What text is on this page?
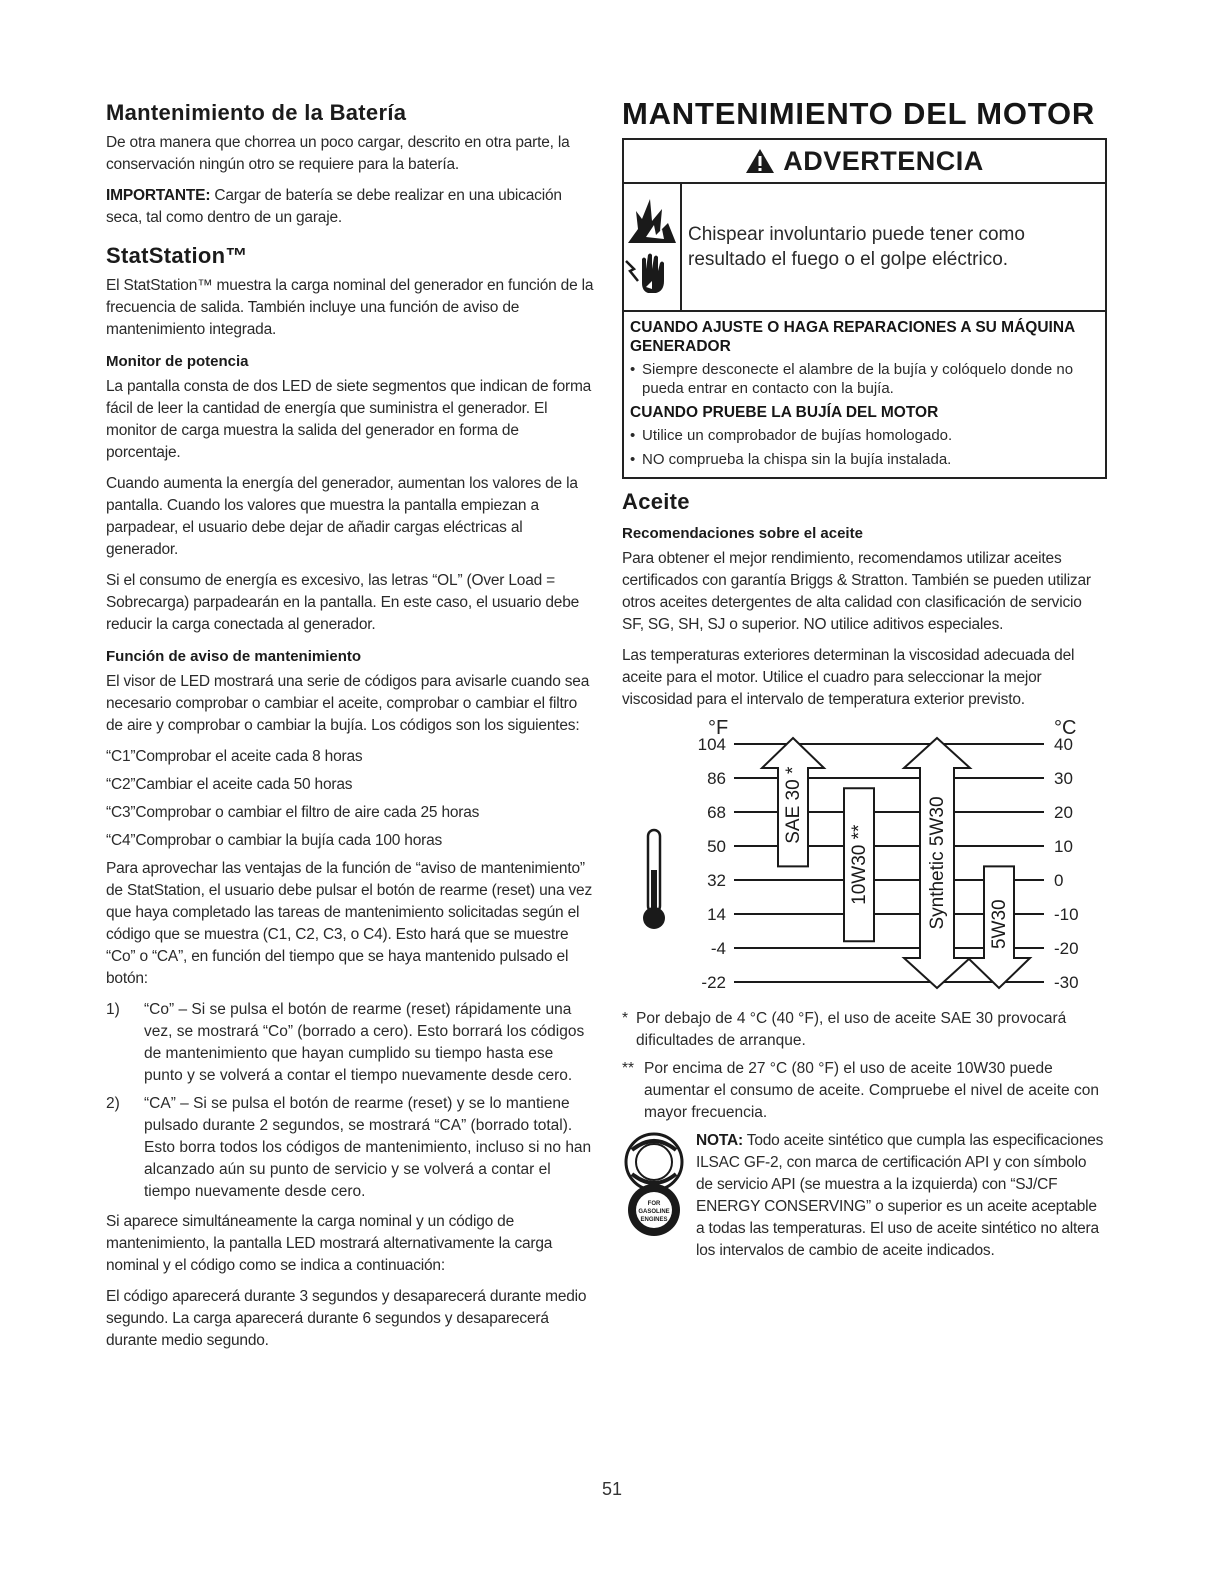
Mantenimiento de la Batería

De otra manera que chorrea un poco cargar, descrito en otra parte, la conservación ningún otro se requiere para la batería.

IMPORTANTE: Cargar de batería se debe realizar en una ubicación seca, tal como dentro de un garaje.

StatStation™

El StatStation™ muestra la carga nominal del generador en función de la frecuencia de salida. También incluye una función de aviso de mantenimiento integrada.

Monitor de potencia

La pantalla consta de dos LED de siete segmentos que indican de forma fácil de leer la cantidad de energía que suministra el generador. El monitor de carga muestra la salida del generador en forma de porcentaje.

Cuando aumenta la energía del generador, aumentan los valores de la pantalla. Cuando los valores que muestra la pantalla empiezan a parpadear, el usuario debe dejar de añadir cargas eléctricas al generador.

Si el consumo de energía es excesivo, las letras “OL” (Over Load = Sobrecarga) parpadearán en la pantalla. En este caso, el usuario debe reducir la carga conectada al generador.

Función de aviso de mantenimiento

El visor de LED mostrará una serie de códigos para avisarle cuando sea necesario comprobar o cambiar el aceite, comprobar o cambiar el filtro de aire y comprobar o cambiar la bujía. Los códigos son los siguientes:

“C1”Comprobar el aceite cada 8 horas

“C2”Cambiar el aceite cada 50 horas

“C3”Comprobar o cambiar el filtro de aire cada 25 horas

“C4”Comprobar o cambiar la bujía cada 100 horas

Para aprovechar las ventajas de la función de “aviso de mantenimiento” de StatStation, el usuario debe pulsar el botón de rearme (reset) una vez que haya completado las tareas de mantenimiento solicitadas según el código que se muestra (C1, C2, C3, o C4). Esto hará que se muestre “Co” o “CA”, en función del tiempo que se haya mantenido pulsado el botón:

1) “Co” – Si se pulsa el botón de rearme (reset) rápidamente una vez, se mostrará “Co” (borrado a cero). Esto borrará los códigos de mantenimiento que hayan cumplido su tiempo hasta ese punto y se volverá a contar el tiempo nuevamente desde cero.
2) “CA” – Si se pulsa el botón de rearme (reset) y se lo mantiene pulsado durante 2 segundos, se mostrará “CA” (borrado total). Esto borra todos los códigos de mantenimiento, incluso si no han alcanzado aún su punto de servicio y se volverá a contar el tiempo nuevamente desde cero.

Si aparece simultáneamente la carga nominal y un código de mantenimiento, la pantalla LED mostrará alternativamente la carga nominal y el código como se indica a continuación:

El código aparecerá durante 3 segundos y desaparecerá durante medio segundo. La carga aparecerá durante 6 segundos y desaparecerá durante medio segundo.

MANTENIMIENTO DEL MOTOR
ADVERTENCIA
Chispear involuntario puede tener como resultado el fuego o el golpe eléctrico.
CUANDO AJUSTE O HAGA REPARACIONES A SU MÁQUINA GENERADOR
• Siempre desconecte el alambre de la bujía y colóquelo donde no pueda entrar en contacto con la bujía.
CUANDO PRUEBE LA BUJÍA DEL MOTOR
• Utilice un comprobador de bujías homologado.
• NO comprueba la chispa sin la bujía instalada.
Aceite
Recomendaciones sobre el aceite

Para obtener el mejor rendimiento, recomendamos utilizar aceites certificados con garantía Briggs & Stratton. También se pueden utilizar otros aceites detergentes de alta calidad con clasificación de servicio SF, SG, SH, SJ o superior. NO utilice aditivos especiales.

Las temperaturas exteriores determinan la viscosidad adecuada del aceite para el motor. Utilice el cuadro para seleccionar la mejor viscosidad para el intervalo de temperatura exterior previsto.

°F	°C
104	40
86	30
68	20
50	10
32	0
14	-10
-4	-20
-22	-30
SAE 30 *
10W30 **	Synthetic 5W30 5W30
* Por debajo de 4 °C (40 °F), el uso de aceite SAE 30 provocará dificultades de arranque.
** Por encima de 27 °C (80 °F) el uso de aceite 10W30 puede aumentar el consumo de aceite. Compruebe el nivel de aceite con mayor frecuencia.
FOR
GASOLINE
ENGINES

NOTA: Todo aceite sintético que cumpla las especificaciones ILSAC GF-2, con marca de certificación API y con símbolo de servicio API (se muestra a la izquierda) con “SJ/CF ENERGY CONSERVING” o superior es un aceite aceptable a todas las temperaturas. El uso de aceite sintético no altera los intervalos de cambio de aceite indicados.

51
